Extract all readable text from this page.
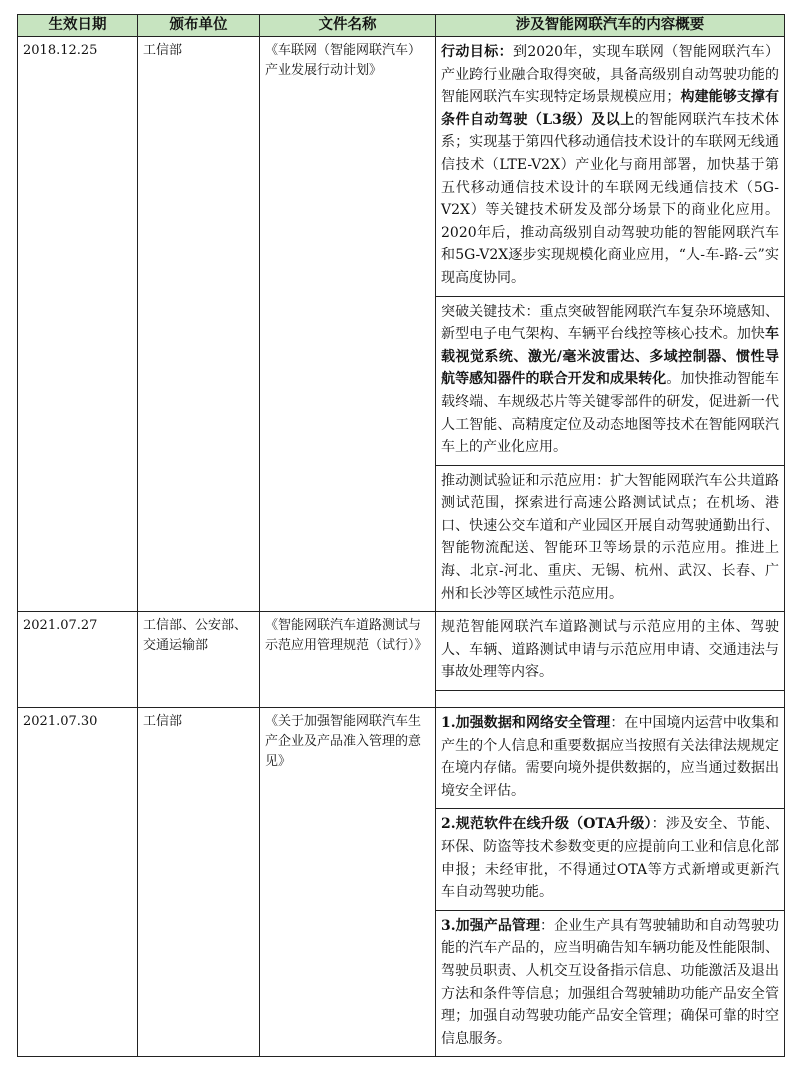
生效日期	颁布单位	文件名称	涉及智能网联汽车的内容概要
2018.12.25	工信部	《车联网（智能网联汽车）产业发展行动计划》	行动目标：到2020年，实现车联网（智能网联汽车）产业跨行业融合取得突破，具备高级别自动驾驶功能的智能网联汽车实现特定场景规模应用；构建能够支撑有条件自动驾驶（L3级）及以上的智能网联汽车技术体系；实现基于第四代移动通信技术设计的车联网无线通信技术（LTE-V2X）产业化与商用部署，加快基于第五代移动通信技术设计的车联网无线通信技术（5G-V2X）等关键技术研发及部分场景下的商业化应用。2020年后，推动高级别自动驾驶功能的智能网联汽车和5G-V2X逐步实现规模化商业应用，“人-车-路-云”实现高度协同。
突破关键技术：重点突破智能网联汽车复杂环境感知、新型电子电气架构、车辆平台线控等核心技术。加快车载视觉系统、激光/毫米波雷达、多域控制器、惯性导航等感知器件的联合开发和成果转化。加快推动智能车载终端、车规级芯片等关键零部件的研发，促进新一代人工智能、高精度定位及动态地图等技术在智能网联汽车上的产业化应用。
推动测试验证和示范应用：扩大智能网联汽车公共道路测试范围，探索进行高速公路测试试点；在机场、港口、快速公交车道和产业园区开展自动驾驶通勤出行、智能物流配送、智能环卫等场景的示范应用。推进上海、北京-河北、重庆、无锡、杭州、武汉、长春、广州和长沙等区域性示范应用。

2021.07.27	工信部、公安部、交通运输部	《智能网联汽车道路测试与示范应用管理规范（试行）》	规范智能网联汽车道路测试与示范应用的主体、驾驶人、车辆、道路测试申请与示范应用申请、交通违法与事故处理等内容。

2021.07.30	工信部	《关于加强智能网联汽车生产企业及产品准入管理的意见》	1.加强数据和网络安全管理：在中国境内运营中收集和产生的个人信息和重要数据应当按照有关法律法规规定在境内存储。需要向境外提供数据的，应当通过数据出境安全评估。
2.规范软件在线升级（OTA升级）：涉及安全、节能、环保、防盗等技术参数变更的应提前向工业和信息化部申报；未经审批，不得通过OTA等方式新增或更新汽车自动驾驶功能。
3.加强产品管理：企业生产具有驾驶辅助和自动驾驶功能的汽车产品的，应当明确告知车辆功能及性能限制、驾驶员职责、人机交互设备指示信息、功能激活及退出方法和条件等信息；加强组合驾驶辅助功能产品安全管理；加强自动驾驶功能产品安全管理；确保可靠的时空信息服务。
